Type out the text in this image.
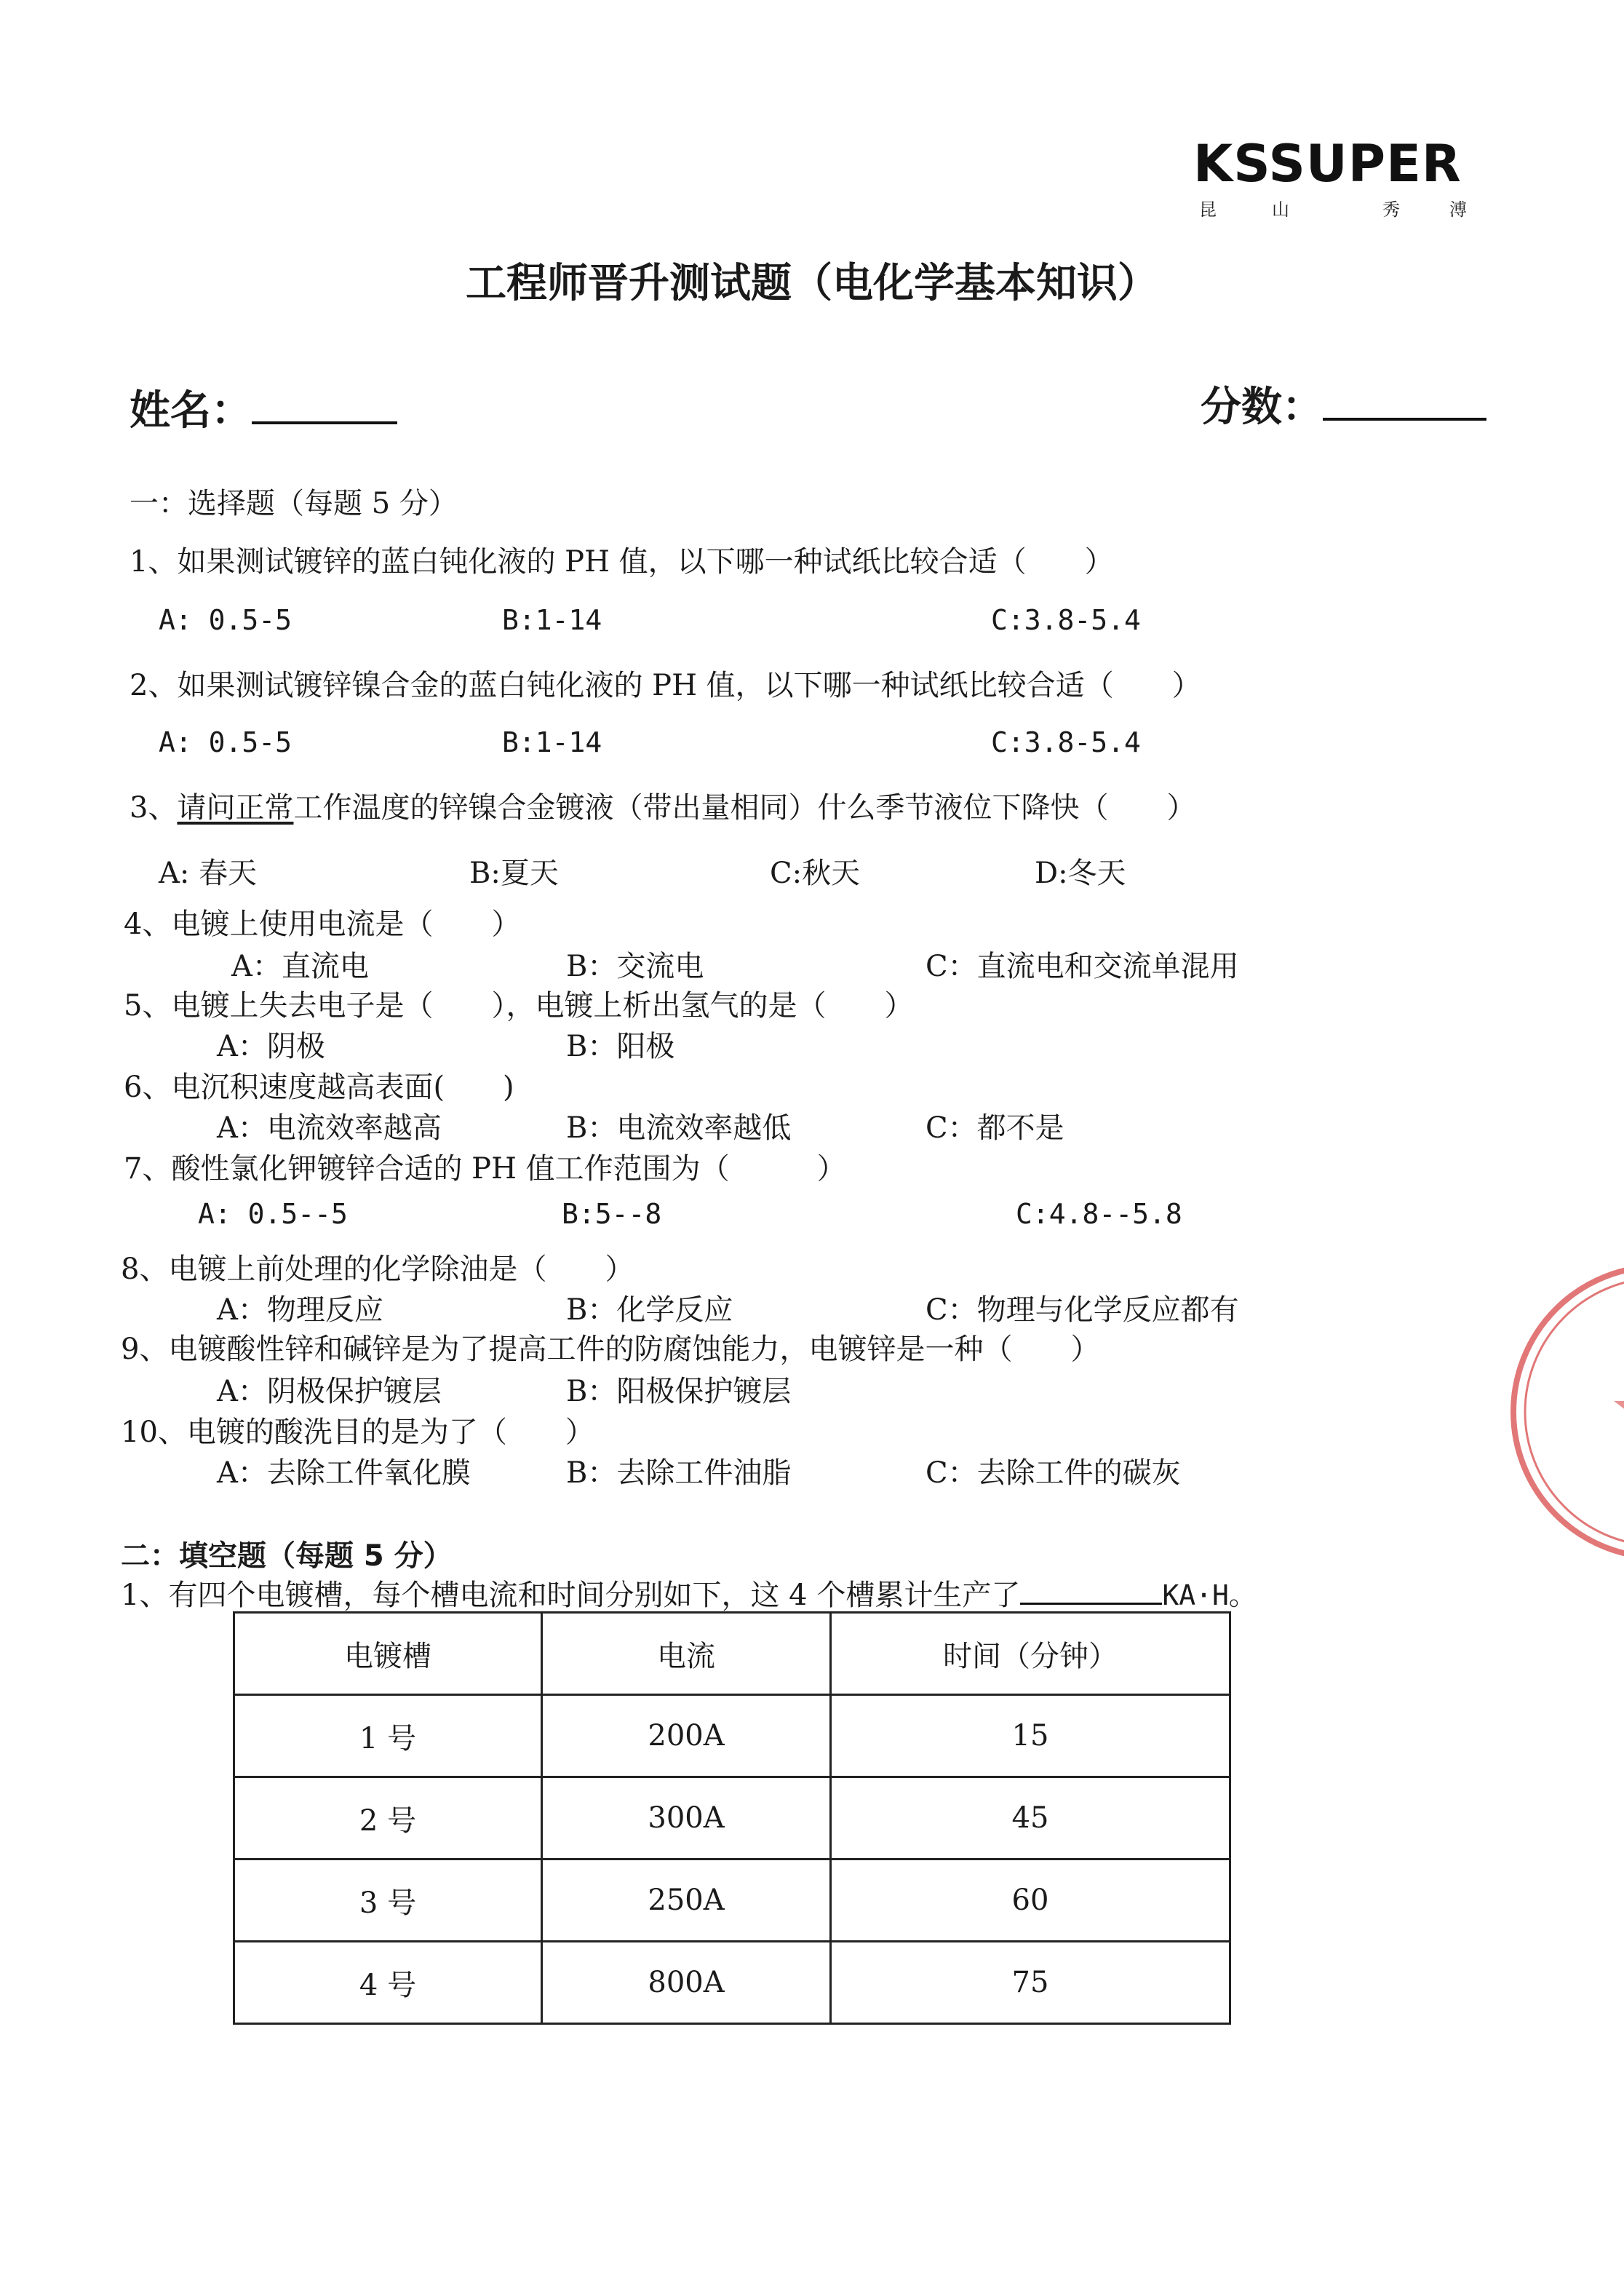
KSSUPER
昆	山	秀	溥
工程师晋升测试题（电化学基本知识）
姓名：	分数：
一：选择题（每题 5 分）
1、如果测试镀锌的蓝白钝化液的 PH 值，以下哪一种试纸比较合适（　　）
A: 0.5-5	B:1-14	C:3.8-5.4
2、如果测试镀锌镍合金的蓝白钝化液的 PH 值，以下哪一种试纸比较合适（　　）
A: 0.5-5	B:1-14	C:3.8-5.4
3、请问正常工作温度的锌镍合金镀液（带出量相同）什么季节液位下降快（　　）
A: 春天	B:夏天	C:秋天	D:冬天
4、电镀上使用电流是（　　）
A：直流电	B：交流电	C：直流电和交流单混用
5、电镀上失去电子是（　　），电镀上析出氢气的是（　　）
A：阴极	B：阳极
6、电沉积速度越高表面(　　)
A：电流效率越高	B：电流效率越低	C：都不是
7、酸性氯化钾镀锌合适的 PH 值工作范围为（　　　）
A: 0.5--5	B:5--8	C:4.8--5.8
8、电镀上前处理的化学除油是（　　）
A：物理反应	B：化学反应	C：物理与化学反应都有
9、电镀酸性锌和碱锌是为了提高工件的防腐蚀能力，电镀锌是一种（　　）
A：阴极保护镀层	B：阳极保护镀层
10、电镀的酸洗目的是为了（　　）
A：去除工件氧化膜	B：去除工件油脂	C：去除工件的碳灰
二：填空题（每题 5 分）
1、有四个电镀槽，每个槽电流和时间分别如下，这 4 个槽累计生产了	KA·H。
电镀槽	电流	时间（分钟）
1 号	200A	15
2 号	300A	45
3 号	250A	60
4 号	800A	75
